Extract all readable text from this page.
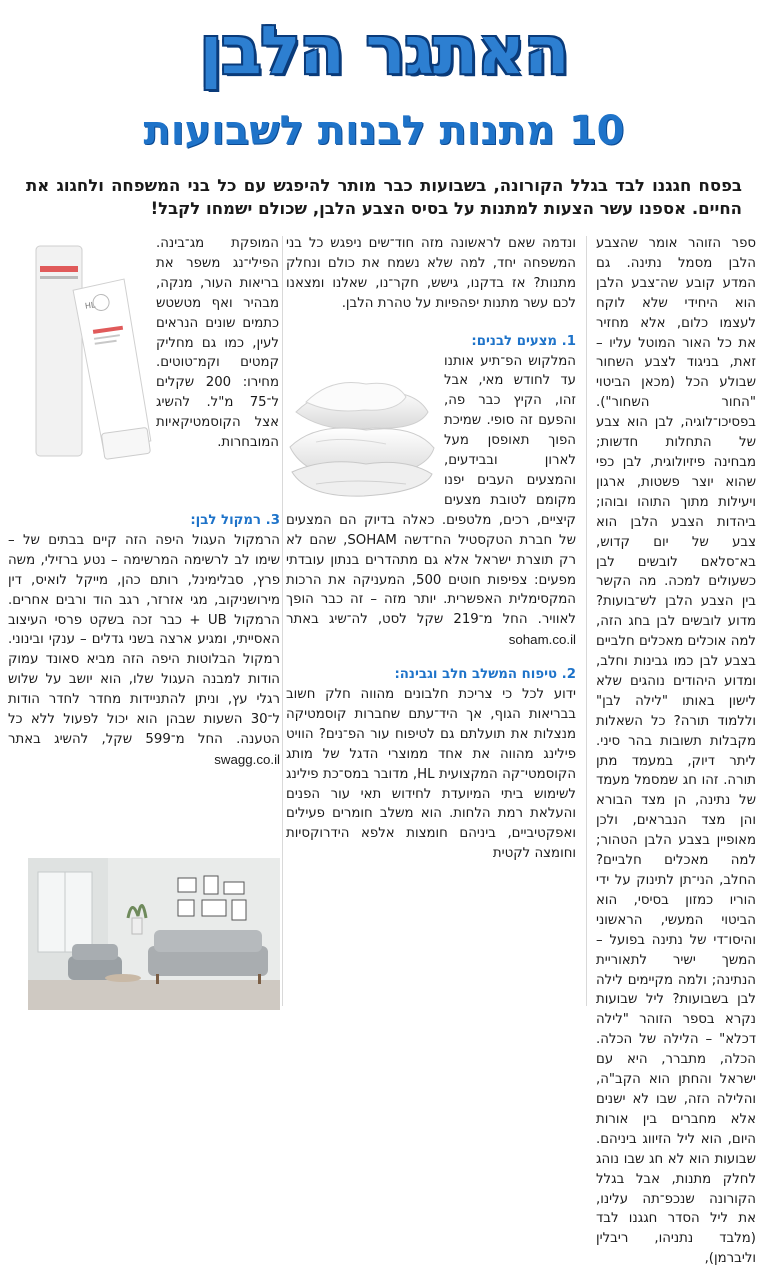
האתגר הלבן
10 מתנות לבנות לשבועות

בפסח חגגנו לבד בגלל הקורונה, בשבועות כבר מותר להיפגש עם כל בני המשפחה ולחגוג את החיים. אספנו עשר הצעות למתנות על בסיס הצבע הלבן, שכולם ישמחו לקבל!

ספר הזוהר אומר שהצבע הלבן מסמל נתינה. גם המדע קובע שה־צבע הלבן הוא היחידי שלא לוקח לעצמו כלום, אלא מחזיר את כל האור המוטל עליו – זאת, בניגוד לצבע השחור שבולע הכל (מכאן הביטוי "החור השחור"). בפסיכו־לוגיה, לבן הוא צבע של התחלות חדשות; מבחינה פיזיולוגית, לבן כפי שהוא יוצר פשטות, ארגון ויעילות מתוך התוהו ובוהו; ביהדות הצבע הלבן הוא צבע של יום קדוש, בא־סלאם לובשים לבן כשעולים למכה. מה הקשר בין הצבע הלבן לש־בועות? מדוע לובשים לבן בחג הזה, למה אוכלים מאכלים חלביים בצבע לבן כמו גבינות וחלב, ומדוע היהודים נוהגים שלא לישון באותו "לילה לבן" וללמוד תורה? כל השאלות מקבלות תשובות בהר סיני. ליתר דיוק, במעמד מתן תורה. זהו חג שמסמל מעמד של נתינה, הן מצד הבורא והן מצד הנבראים, ולכן מאופיין בצבע הלבן הטהור; למה מאכלים חלביים? החלב, הני־תן לתינוק על ידי הוריו כמזון בסיסי, הוא הביטוי המעשי, הראשוני והיסו־די של נתינה בפועל – המשך ישיר לתאוריית הנתינה; ולמה מקיימים לילה לבן בשבועות? ליל שבועות נקרא בספר הזוהר "לילה דכלא" – הלילה של הכלה. הכלה, מתברר, היא עם ישראל והחתן הוא הקב"ה, והלילה הזה, שבו לא ישנים אלא מחברים בין אורות היום, הוא ליל הזיווג ביניהם. שבועות הוא לא חג שבו נוהג לחלק מתנות, אבל בגלל הקורונה שנכפ־תה עלינו, את ליל הסדר חגגנו לבד (מלבד נתניהו, ריבלין וליברמן),

ונדמה שאם לראשונה מזה חוד־שים ניפגש כל בני המשפחה יחד, למה שלא נשמח את כולם ונחלק מתנות? אז בדקנו, גישש, חקר־נו, שאלנו ומצאנו לכם עשר מתנות יפהפיות על טהרת הלבן.

1. מצעים לבנים:

המלקוש הפ־תיע אותנו עד לחודש מאי, אבל זהו, הקיץ כבר פה, והפעם זה סופי. שמיכת הפוך תאופסן מעל לארון ובבידעים, והמצעים העבים יפנו מקומם לטובת מצעים קיציים, רכים, מלטפים. כאלה בדיוק הם המצעים של חברת הטקסטיל הח־דשה SOHAM, שהם לא רק תוצרת ישראל אלא גם מתהדרים בנתון עובדתי מפעים: צפיפות חוטים 500, המעניקה את הרכות המקסימלית האפשרית. יותר מזה – זה כבר הופך לאוויר. החל מ־219 שקל לסט, לה־שיג באתר soham.co.il

2. טיפוח המשלב חלב וגבינה:

ידוע לכל כי צריכת חלבונים מהווה חלק חשוב בבריאות הגוף, אך היד־עתם שחברות קוסמטיקה מנצלות את תועלתם גם לטיפוח עור הפ־נים? הוויט פילינג מהווה את אחד ממוצרי הדגל של מותג הקוסמטי־קה המקצועית HL, מדובר במס־כת פילינג לשימוש ביתי המיועדת לחידוש תאי עור הפנים והעלאת רמת הלחות. הוא משלב חומרים פעילים ואפקטיביים, ביניהם חומצות אלפא הידרוקסיות וחומצה לקטית

המופקת מג־בינה. הפילי־נג משפר את בריאות העור, מנקה, מבהיר ואף מטשטש כתמים שונים הנראים לעין, כמו גם מחליק קמטים וקמ־טוטים. מחירו: 200 שקלים ל־75 מ"ל. להשיג אצל הקוסמטיקאיות המובחרות.

HL

3. רמקול לבן:

הרמקול העגול היפה הזה קיים בבתים של – שימו לב לרשימה המרשימה – נטע ברזילי, משה פרץ, סבלימינל, רותם כהן, מייקל לואיס, דין מירושניקוב, מגי אזרזר, רגב הוד ורבים אחרים. הרמקול UB + כבר זכה בשקט פרסי העיצוב האסייתי, ומגיע ארצה בשני גדלים – ענקי ובינוני. רמקול הבלוטות היפה הזה מביא סאונד עמוק הודות למבנה העגול שלו, הוא יושב על שלוש רגלי עץ, וניתן להתניידות מחדר לחדר הודות ל־30 השעות שבהן הוא יכול לפעול ללא כל הטענה. החל מ־599 שקל, להשיג באתר swagg.co.il
